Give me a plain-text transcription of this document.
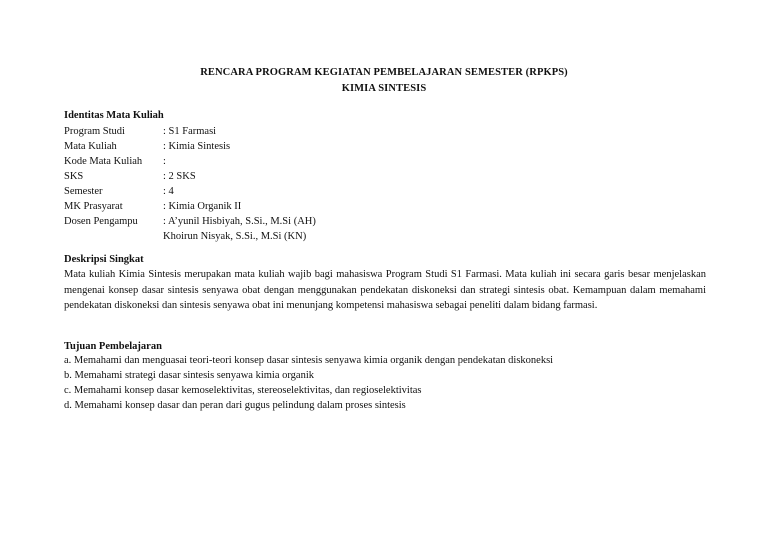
RENCARA PROGRAM KEGIATAN PEMBELAJARAN SEMESTER (RPKPS)
KIMIA SINTESIS
Identitas Mata Kuliah
Program Studi	: S1 Farmasi
Mata Kuliah	: Kimia Sintesis
Kode Mata Kuliah	:
SKS	: 2 SKS
Semester	: 4
MK Prasyarat	: Kimia Organik II
Dosen Pengampu	: A’yunil Hisbiyah, S.Si., M.Si (AH)
Khoirun Nisyak, S.Si., M.Si (KN)
Deskripsi Singkat
Mata kuliah Kimia Sintesis merupakan mata kuliah wajib bagi mahasiswa Program Studi S1 Farmasi. Mata kuliah ini secara garis besar menjelaskan mengenai konsep dasar sintesis senyawa obat dengan menggunakan pendekatan diskoneksi dan strategi sintesis obat. Kemampuan dalam memahami pendekatan diskoneksi dan sintesis senyawa obat ini menunjang kompetensi mahasiswa sebagai peneliti dalam bidang farmasi.
Tujuan Pembelajaran
a. Memahami dan menguasai teori-teori konsep dasar sintesis senyawa kimia organik dengan pendekatan diskoneksi
b. Memahami strategi dasar sintesis senyawa kimia organik
c. Memahami konsep dasar kemoselektivitas, stereoselektivitas, dan regioselektivitas
d. Memahami konsep dasar dan peran dari gugus pelindung dalam proses sintesis
